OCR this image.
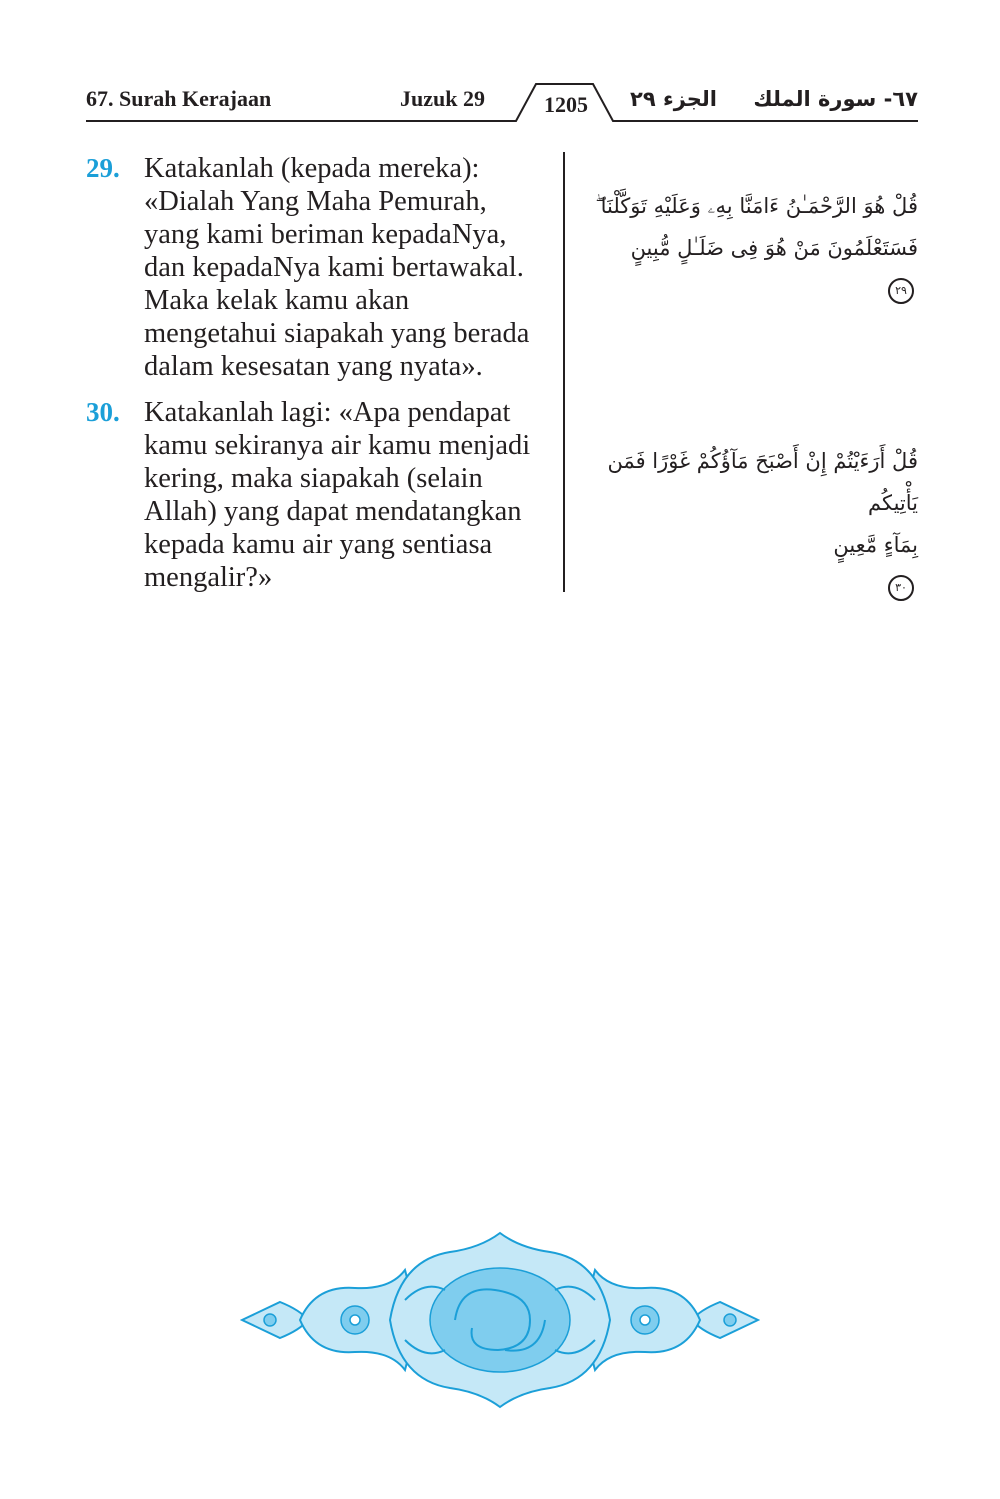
67. Surah Kerajaan	Juzuk 29	1205	الجزء ٢٩ ٦٧- سورة الملك
29. Katakanlah (kepada mereka):
«Dialah Yang Maha Pemurah,
yang kami beriman kepadaNya,
dan kepadaNya kami bertawakal.
Maka kelak kamu akan
mengetahui siapakah yang berada
dalam kesesatan yang nyata».
30. Katakanlah lagi: «Apa pendapat
kamu sekiranya air kamu menjadi
kering, maka siapakah (selain
Allah) yang dapat mendatangkan
kepada kamu air yang sentiasa
mengalir?»

قُلْ هُوَ الرَّحْمَـٰنُ ءَامَنَّا بِهِۦ وَعَلَيْهِ تَوَكَّلْنَا ۖ
فَسَتَعْلَمُونَ مَنْ هُوَ فِى ضَلَـٰلٍ مُّبِينٍ
٢٩

قُلْ أَرَءَيْتُمْ إِنْ أَصْبَحَ مَآؤُكُمْ غَوْرًا فَمَن يَأْتِيكُم
بِمَآءٍ مَّعِينٍ
٣٠
